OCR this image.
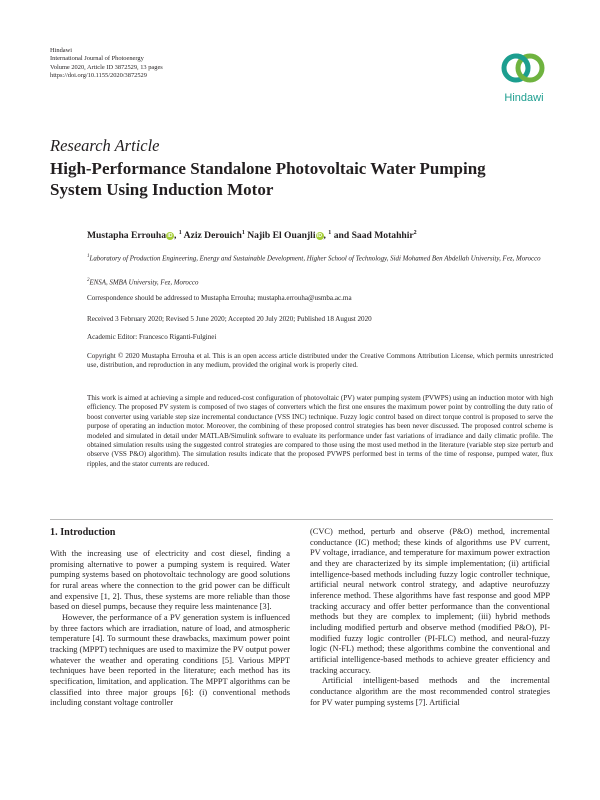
Hindawi
International Journal of Photoenergy
Volume 2020, Article ID 3872529, 13 pages
https://doi.org/10.1155/2020/3872529
Hindawi
Research Article
High-Performance Standalone Photovoltaic Water Pumping System Using Induction Motor
Mustapha Errouha iD , $^1$ Aziz Derouich$^1$ Najib El Ouanjli iD , $^1$ and Saad Motahhir$^2$
$^1$Laboratory of Production Engineering, Energy and Sustainable Development, Higher School of Technology, Sidi Mohamed Ben Abdellah University, Fez, Morocco
$^2$ENSA, SMBA University, Fez, Morocco
Correspondence should be addressed to Mustapha Errouha; mustapha.errouha@usmba.ac.ma
Received 3 February 2020; Revised 5 June 2020; Accepted 20 July 2020; Published 18 August 2020
Academic Editor: Francesco Riganti-Fulginei
Copyright © 2020 Mustapha Errouha et al. This is an open access article distributed under the Creative Commons Attribution License, which permits unrestricted use, distribution, and reproduction in any medium, provided the original work is properly cited.
This work is aimed at achieving a simple and reduced-cost configuration of photovoltaic (PV) water pumping system (PVWPS) using an induction motor with high efficiency. The proposed PV system is composed of two stages of converters which the first one ensures the maximum power point by controlling the duty ratio of boost converter using variable step size incremental conductance (VSS INC) technique. Fuzzy logic control based on direct torque control is proposed to serve the purpose of operating an induction motor. Moreover, the combining of these proposed control strategies has been never discussed. The proposed control scheme is modeled and simulated in detail under MATLAB/Simulink software to evaluate its performance under fast variations of irradiance and daily climatic profile. The obtained simulation results using the suggested control strategies are compared to those using the most used method in the literature (variable step size perturb and observe (VSS P&O) algorithm). The simulation results indicate that the proposed PVWPS performed best in terms of the time of response, pumped water, flux ripples, and the stator currents are reduced.
1. Introduction

With the increasing use of electricity and cost diesel, finding a promising alternative to power a pumping system is required. Water pumping systems based on photovoltaic technology are good solutions for rural areas where the connection to the grid power can be difficult and expensive [1, 2]. Thus, these systems are more reliable than those based on diesel pumps, because they require less maintenance [3].

However, the performance of a PV generation system is influenced by three factors which are irradiation, nature of load, and atmospheric temperature [4]. To surmount these drawbacks, maximum power point tracking (MPPT) techniques are used to maximize the PV output power whatever the weather and operating conditions [5]. Various MPPT techniques have been reported in the literature; each method has its specification, limitation, and application. The MPPT algorithms can be classified into three major groups [6]: (i) conventional methods including constant voltage controller

(CVC) method, perturb and observe (P&O) method, incremental conductance (IC) method; these kinds of algorithms use PV current, PV voltage, irradiance, and temperature for maximum power extraction and they are characterized by its simple implementation; (ii) artificial intelligence-based methods including fuzzy logic controller technique, artificial neural network control strategy, and adaptive neurofuzzy inference method. These algorithms have fast response and good MPP tracking accuracy and offer better performance than the conventional methods but they are complex to implement; (iii) hybrid methods including modified perturb and observe method (modified P&O), PI-modified fuzzy logic controller (PI-FLC) method, and neural-fuzzy logic (N-FL) method; these algorithms combine the conventional and artificial intelligence-based methods to achieve greater efficiency and tracking accuracy.

Artificial intelligent-based methods and the incremental conductance algorithm are the most recommended control strategies for PV water pumping systems [7]. Artificial
